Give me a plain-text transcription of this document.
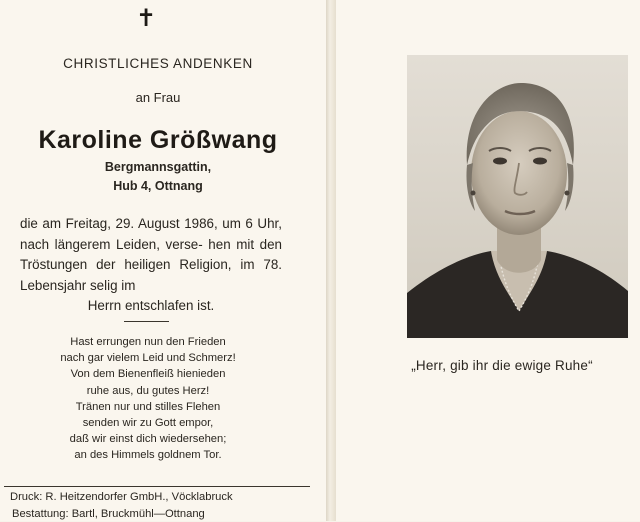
✝
CHRISTLICHES ANDENKEN
an Frau
Karoline Größwang
Bergmannsgattin,
Hub 4, Ottnang
die am Freitag, 29. August 1986, um 6 Uhr, nach längerem Leiden, verse- hen mit den Tröstungen der heiligen Religion, im 78. Lebensjahr selig im
Herrn entschlafen ist.
Hast errungen nun den Frieden
nach gar vielem Leid und Schmerz!
Von dem Bienenfleiß hienieden
ruhe aus, du gutes Herz!
Tränen nur und stilles Flehen
senden wir zu Gott empor,
daß wir einst dich wiedersehen;
an des Himmels goldnem Tor.
Druck: R. Heitzendorfer GmbH., Vöcklabruck
Bestattung: Bartl, Bruckmühl—Ottnang
„Herr, gib ihr die ewige Ruhe“
